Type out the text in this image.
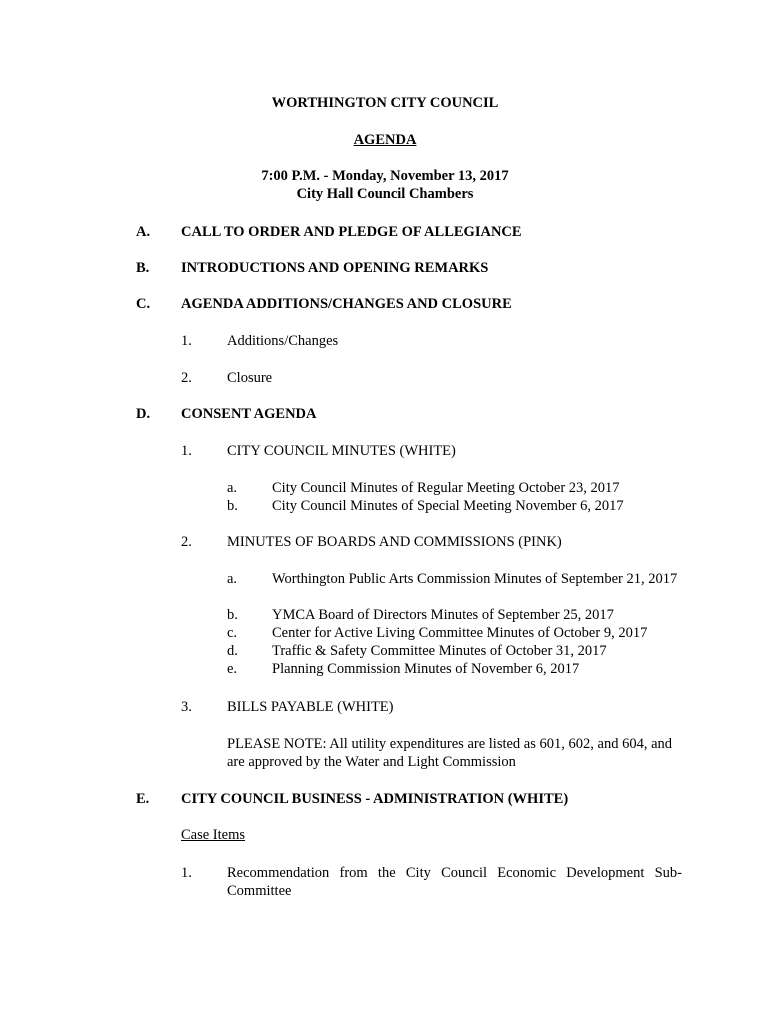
WORTHINGTON CITY COUNCIL
AGENDA
7:00 P.M. - Monday, November 13, 2017
City Hall Council Chambers
A. CALL TO ORDER AND PLEDGE OF ALLEGIANCE
B. INTRODUCTIONS AND OPENING REMARKS
C. AGENDA ADDITIONS/CHANGES AND CLOSURE
1. Additions/Changes
2. Closure
D. CONSENT AGENDA
1. CITY COUNCIL MINUTES (WHITE)
a. City Council Minutes of Regular Meeting October 23, 2017
b. City Council Minutes of Special Meeting November 6, 2017
2. MINUTES OF BOARDS AND COMMISSIONS (PINK)
a. Worthington Public Arts Commission Minutes of September 21, 2017
b. YMCA Board of Directors Minutes of September 25, 2017
c. Center for Active Living Committee Minutes of October 9, 2017
d. Traffic & Safety Committee Minutes of October 31, 2017
e. Planning Commission Minutes of November 6, 2017
3. BILLS PAYABLE (WHITE)
PLEASE NOTE: All utility expenditures are listed as 601, 602, and 604, and are approved by the Water and Light Commission
E. CITY COUNCIL BUSINESS - ADMINISTRATION (WHITE)
Case Items
1. Recommendation from the City Council Economic Development Sub-Committee
